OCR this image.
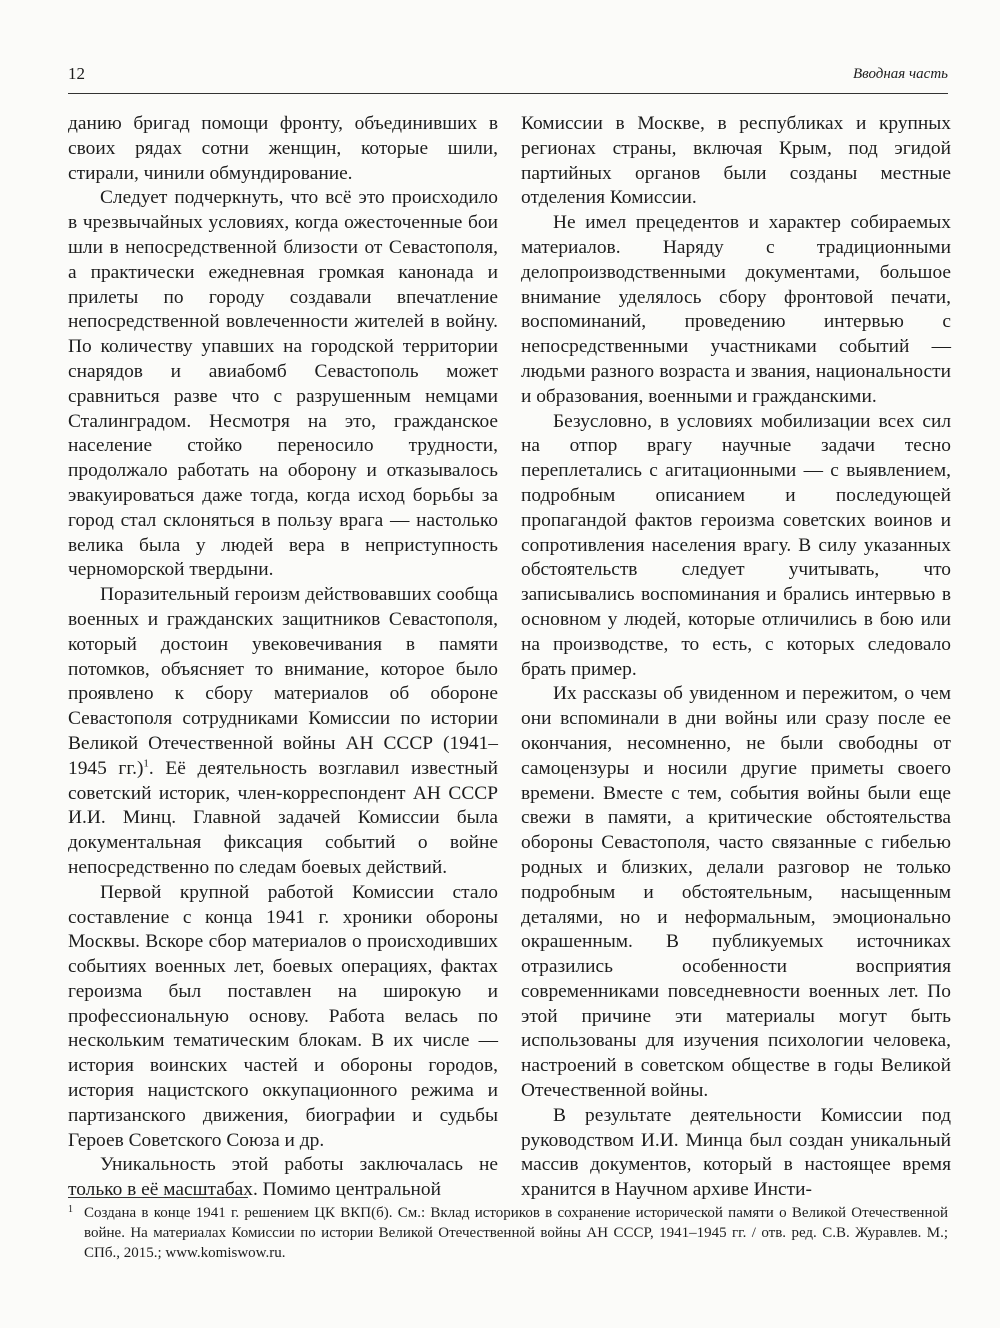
12	Вводная часть

данию бригад помощи фронту, объединивших в своих рядах сотни женщин, которые шили, стирали, чинили обмундирование.

Следует подчеркнуть, что всё это происходило в чрезвычайных условиях, когда ожесточенные бои шли в непосредственной близости от Севастополя, а практически ежедневная громкая канонада и прилеты по городу создавали впечатление непосредственной вовлеченности жителей в войну. По количеству упавших на городской территории снарядов и авиабомб Севастополь может сравниться разве что с разрушенным немцами Сталинградом. Несмотря на это, гражданское население стойко переносило трудности, продолжало работать на оборону и отказывалось эвакуироваться даже тогда, когда исход борьбы за город стал склоняться в пользу врага — настолько велика была у людей вера в неприступность черноморской твердыни.

Поразительный героизм действовавших сообща военных и гражданских защитников Севастополя, который достоин увековечивания в памяти потомков, объясняет то внимание, которое было проявлено к сбору материалов об обороне Севастополя сотрудниками Комиссии по истории Великой Отечественной войны АН СССР (1941–1945 гг.)$^1$. Её деятельность возглавил известный советский историк, член-корреспондент АН СССР И.И. Минц. Главной задачей Комиссии была документальная фиксация событий о войне непосредственно по следам боевых действий.

Первой крупной работой Комиссии стало составление с конца 1941 г. хроники обороны Москвы. Вскоре сбор материалов о происходивших событиях военных лет, боевых операциях, фактах героизма был поставлен на широкую и профессиональную основу. Работа велась по нескольким тематическим блокам. В их числе — история воинских частей и обороны городов, история нацистского оккупационного режима и партизанского движения, биографии и судьбы Героев Советского Союза и др.

Уникальность этой работы заключалась не только в её масштабах. Помимо центральной

Комиссии в Москве, в республиках и крупных регионах страны, включая Крым, под эгидой партийных органов были созданы местные отделения Комиссии.

Не имел прецедентов и характер собираемых материалов. Наряду с традиционными делопроизводственными документами, большое внимание уделялось сбору фронтовой печати, воспоминаний, проведению интервью с непосредственными участниками событий — людьми разного возраста и звания, национальности и образования, военными и гражданскими.

Безусловно, в условиях мобилизации всех сил на отпор врагу научные задачи тесно переплетались с агитационными — с выявлением, подробным описанием и последующей пропагандой фактов героизма советских воинов и сопротивления населения врагу. В силу указанных обстоятельств следует учитывать, что записывались воспоминания и брались интервью в основном у людей, которые отличились в бою или на производстве, то есть, с которых следовало брать пример.

Их рассказы об увиденном и пережитом, о чем они вспоминали в дни войны или сразу после ее окончания, несомненно, не были свободны от самоцензуры и носили другие приметы своего времени. Вместе с тем, события войны были еще свежи в памяти, а критические обстоятельства обороны Севастополя, часто связанные с гибелью родных и близких, делали разговор не только подробным и обстоятельным, насыщенным деталями, но и неформальным, эмоционально окрашенным. В публикуемых источниках отразились особенности восприятия современниками повседневности военных лет. По этой причине эти материалы могут быть использованы для изучения психологии человека, настроений в советском обществе в годы Великой Отечественной войны.

В результате деятельности Комиссии под руководством И.И. Минца был создан уникальный массив документов, который в настоящее время хранится в Научном архиве Инсти-

1 Создана в конце 1941 г. решением ЦК ВКП(б). См.: Вклад историков в сохранение исторической памяти о Великой Отечественной войне. На материалах Комиссии по истории Великой Отечественной войны АН СССР, 1941–1945 гг. / отв. ред. С.В. Журавлев. М.; СПб., 2015.; www.komiswow.ru.
